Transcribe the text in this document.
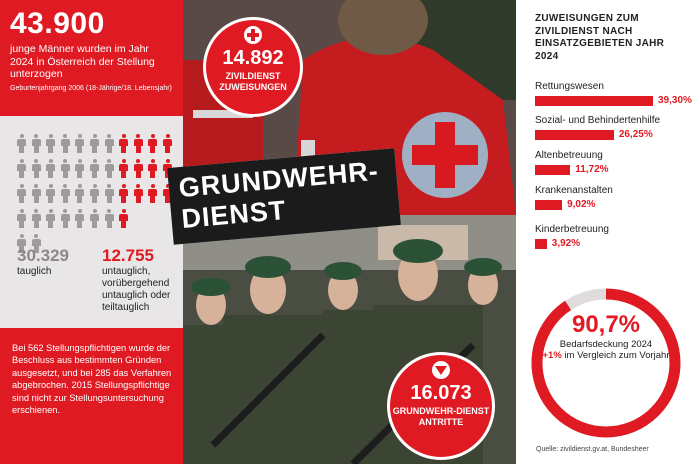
43.900
junge Männer wurden im Jahr 2024 in Österreich der Stellung unterzogen
Geburtenjahrgang 2006 (18-Jährige/18. Lebensjahr)
30.329
tauglich
12.755
untauglich, vorübergehend untauglich oder teiltauglich
Bei 562 Stellungspflichtigen wurde der Beschluss aus bestimmten Gründen ausgesetzt, und bei 285 das Verfahren abgebrochen. 2015 Stellungspflichtige sind nicht zur Stellungsuntersuchung erschienen.
14.892
ZIVILDIENST ZUWEISUNGEN
GRUNDWEHR-
DIENST
16.073
GRUNDWEHR-DIENST ANTRITTE
ZUWEISUNGEN ZUM ZIVILDIENST NACH EINSATZGEBIETEN JAHR 2024
Rettungswesen
39,30%
Sozial- und Behindertenhilfe
26,25%
Altenbetreuung
11,72%
Krankenanstalten
9,02%
Kinderbetreuung
3,92%
90,7%
Bedarfsdeckung 2024
+1% im Vergleich zum Vorjahr
Quelle: zivildienst.gv.at, Bundesheer
